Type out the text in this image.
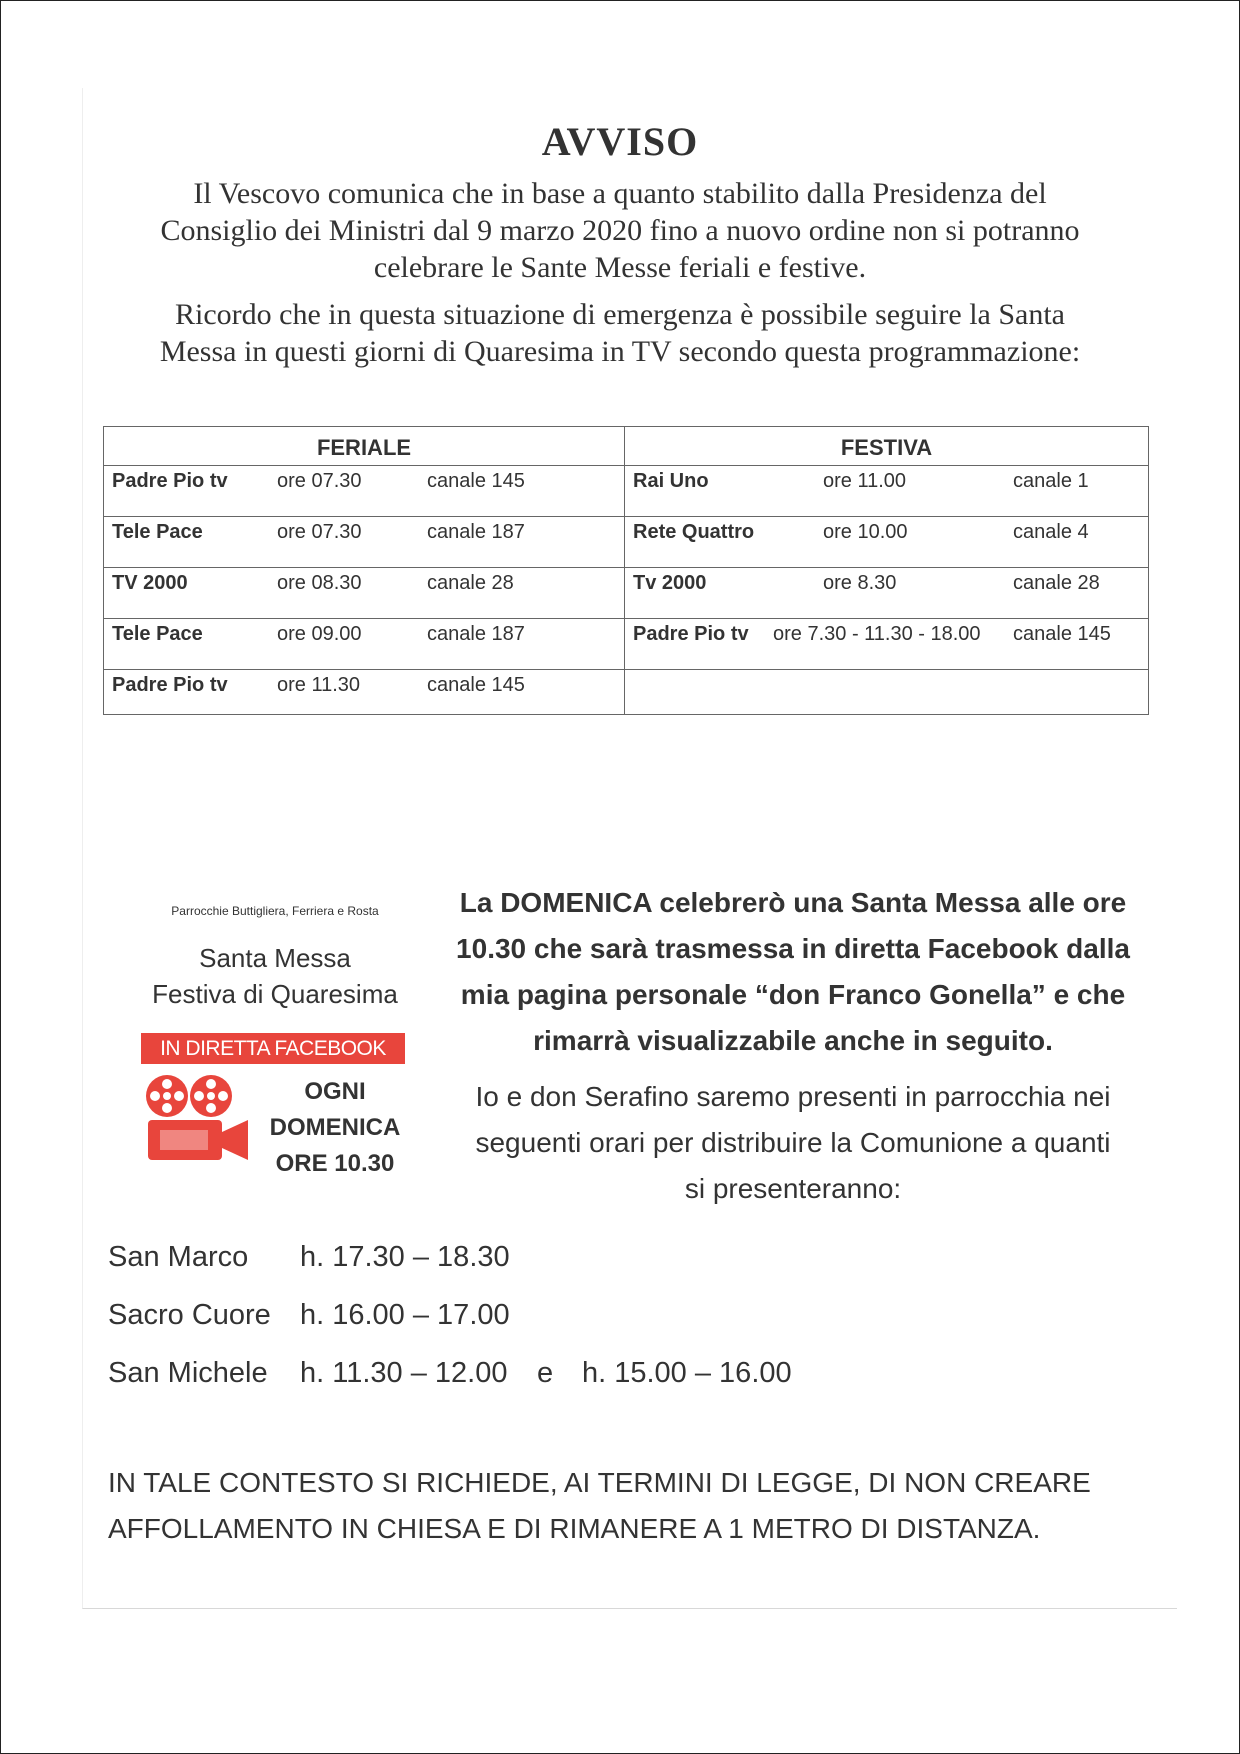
AVVISO
Il Vescovo comunica che in base a quanto stabilito dalla Presidenza del
Consiglio dei Ministri dal 9 marzo 2020 fino a nuovo ordine non si potranno
celebrare le Sante Messe feriali e festive.
Ricordo che in questa situazione di emergenza è possibile seguire la Santa
Messa in questi giorni di Quaresima in TV secondo questa programmazione:
FERIALE	FESTIVA

Padre Pio tv ore 07.30 canale 145	Rai Uno ore 11.00 canale 1

Tele Pace ore 07.30 canale 187	Rete Quattro ore 10.00 canale 4

TV 2000 ore 08.30 canale 28	Tv 2000 ore 8.30 canale 28

Tele Pace ore 09.00 canale 187	Padre Pio tv ore 7.30 - 11.30 - 18.00 canale 145

Padre Pio tv ore 11.30 canale 145	

Parrocchie Buttigliera, Ferriera e Rosta
Santa Messa
Festiva di Quaresima
IN DIRETTA FACEBOOK
OGNI
DOMENICA
ORE 10.30
La DOMENICA celebrerò una Santa Messa alle ore
10.30 che sarà trasmessa in diretta Facebook dalla
mia pagina personale “don Franco Gonella” e che
rimarrà visualizzabile anche in seguito.
Io e don Serafino saremo presenti in parrocchia nei
seguenti orari per distribuire la Comunione a quanti
si presenteranno:
San Marco	h. 17.30 – 18.30
Sacro Cuore	h. 16.00 – 17.00
San Michele	h. 11.30 – 12.00	e h. 15.00 – 16.00
IN TALE CONTESTO SI RICHIEDE, AI TERMINI DI LEGGE, DI NON CREARE
AFFOLLAMENTO IN CHIESA E DI RIMANERE A 1 METRO DI DISTANZA.
